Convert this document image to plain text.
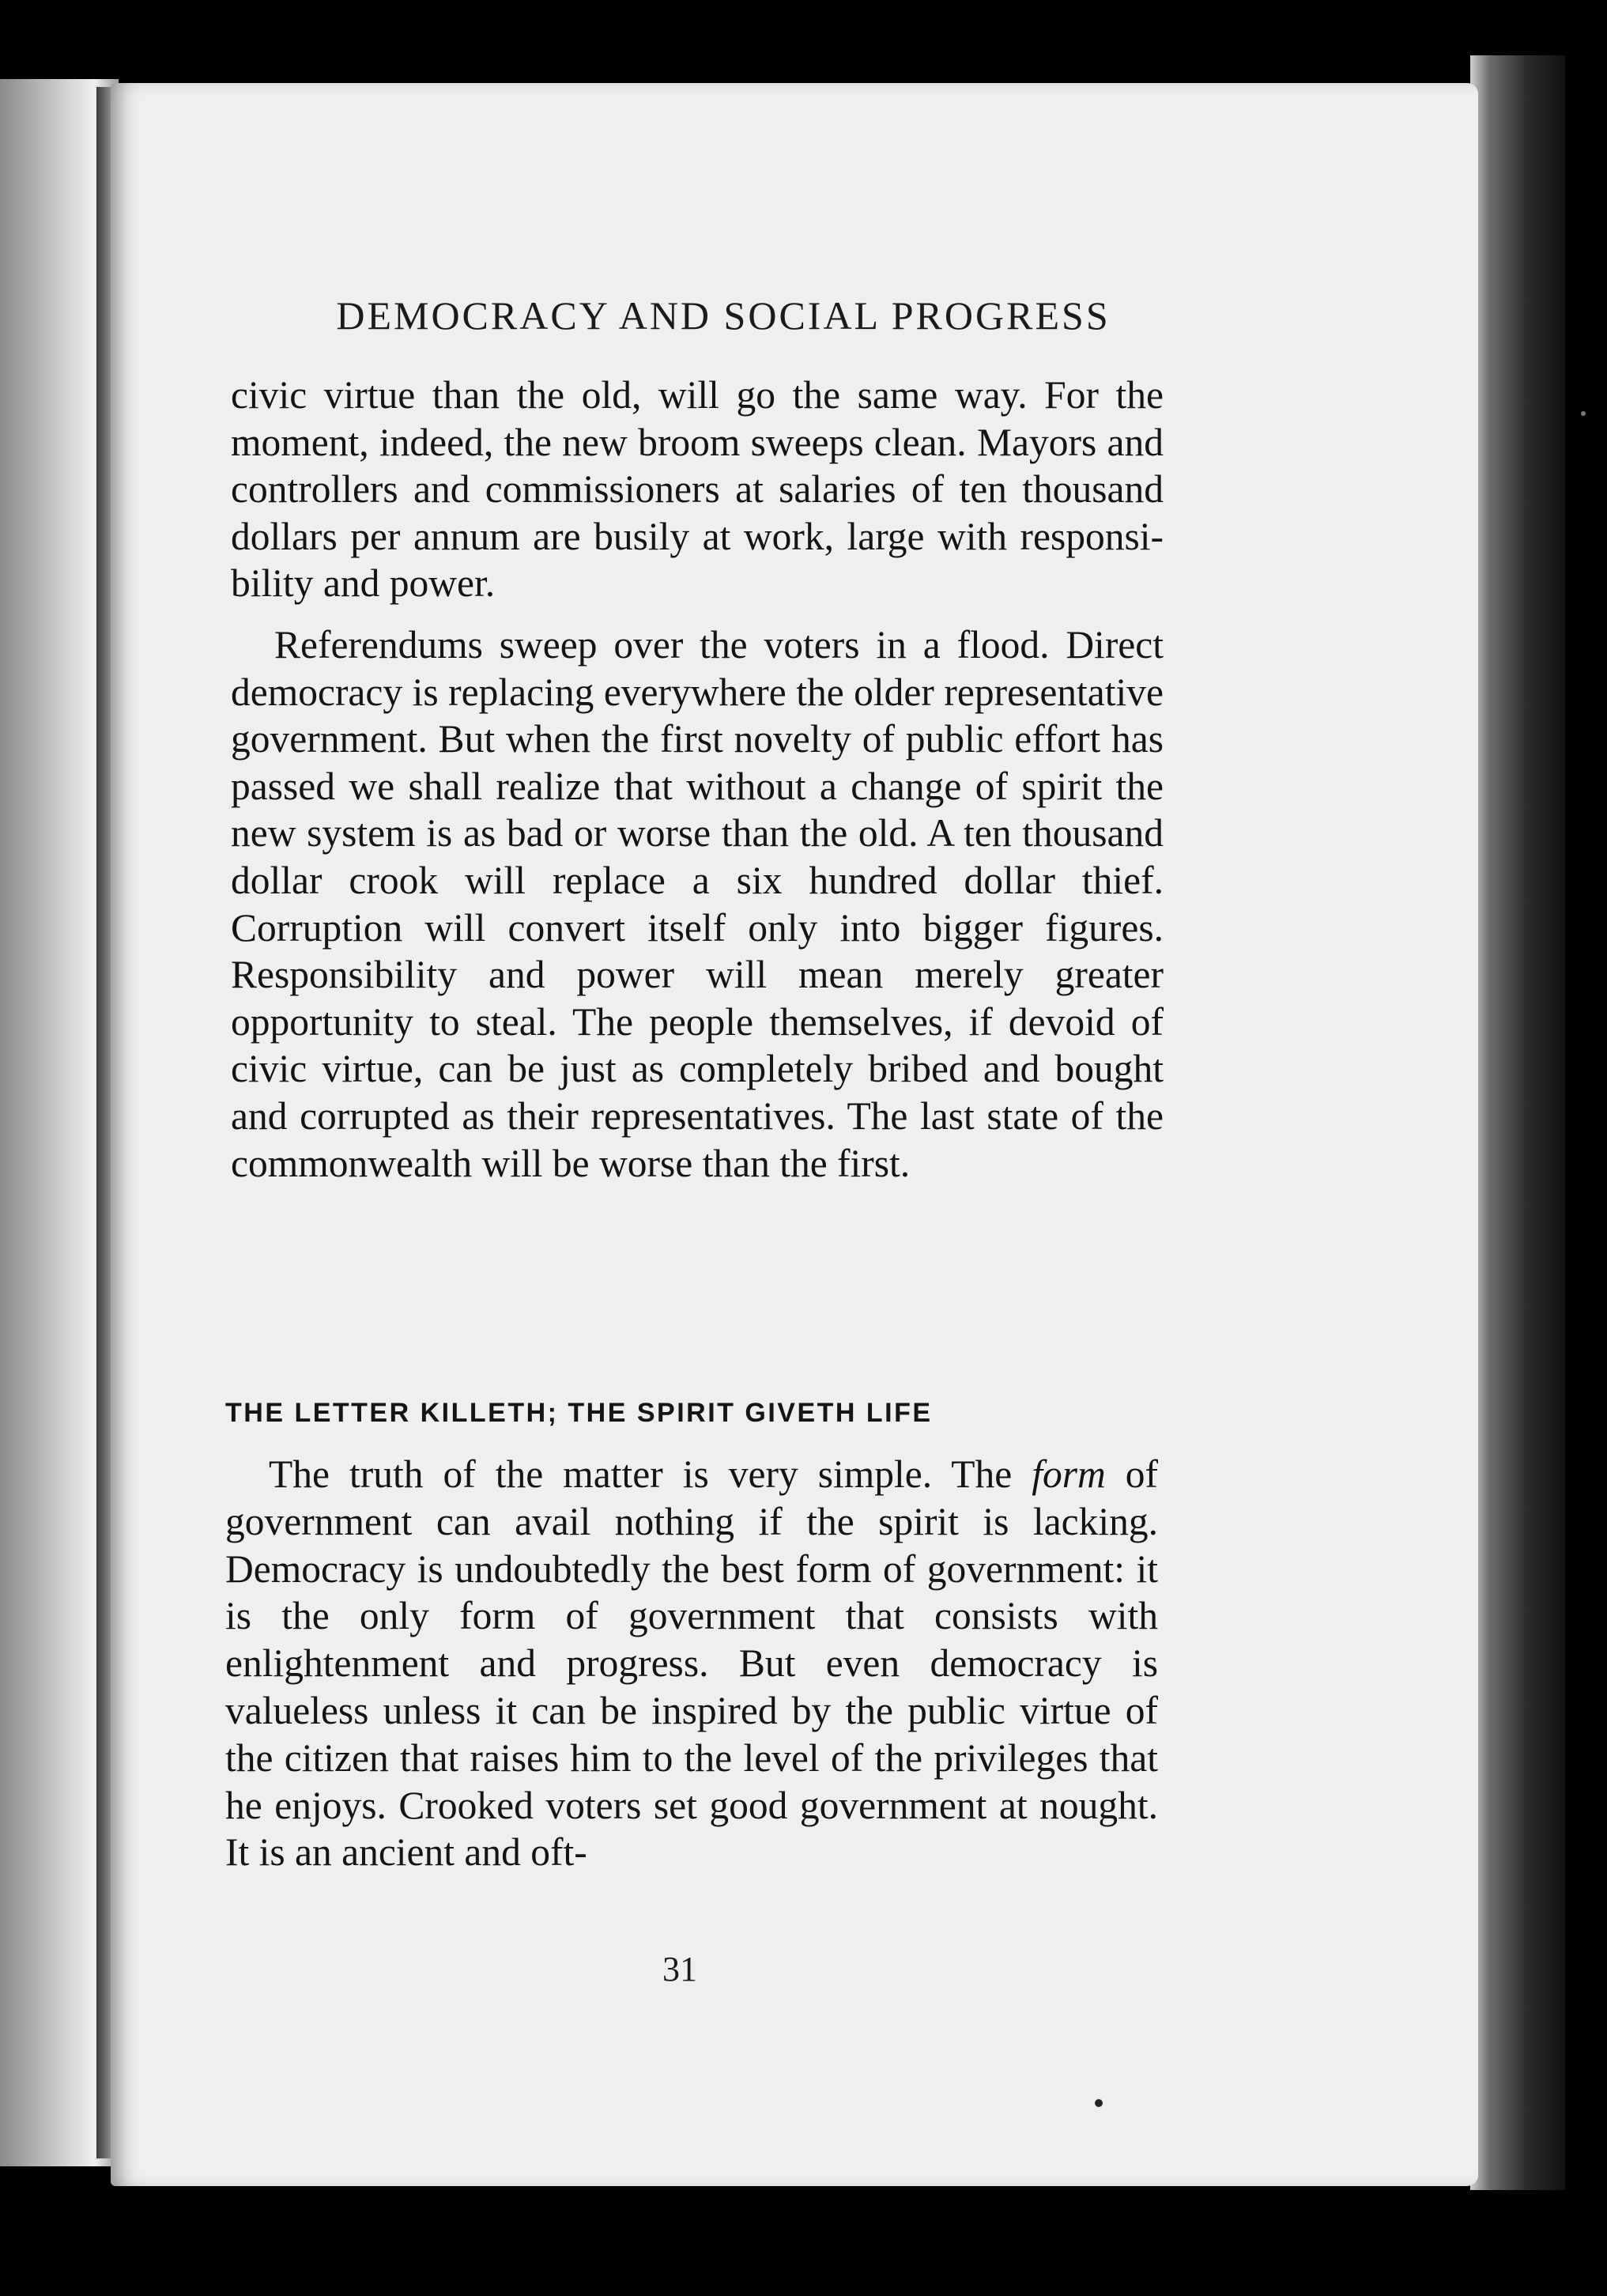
DEMOCRACY AND SOCIAL PROGRESS

civic virtue than the old, will go the same way. For the moment, indeed, the new broom sweeps clean. Mayors and controllers and commissioners at salaries of ten thousand dollars per annum are busily at work, large with responsibility and power.

Referendums sweep over the voters in a flood. Direct democracy is replacing everywhere the older representative government. But when the first novelty of public effort has passed we shall realize that without a change of spirit the new system is as bad or worse than the old. A ten thousand dollar crook will replace a six hundred dollar thief. Corruption will convert itself only into bigger figures. Responsibility and power will mean merely greater opportunity to steal. The people themselves, if devoid of civic virtue, can be just as completely bribed and bought and corrupted as their representatives. The last state of the commonwealth will be worse than the first.

THE LETTER KILLETH; THE SPIRIT GIVETH LIFE

The truth of the matter is very simple. The form of government can avail nothing if the spirit is lacking. Democracy is undoubtedly the best form of government: it is the only form of government that consists with enlightenment and progress. But even democracy is valueless unless it can be inspired by the public virtue of the citizen that raises him to the level of the privileges that he enjoys. Crooked voters set good government at nought. It is an ancient and oft-

31
